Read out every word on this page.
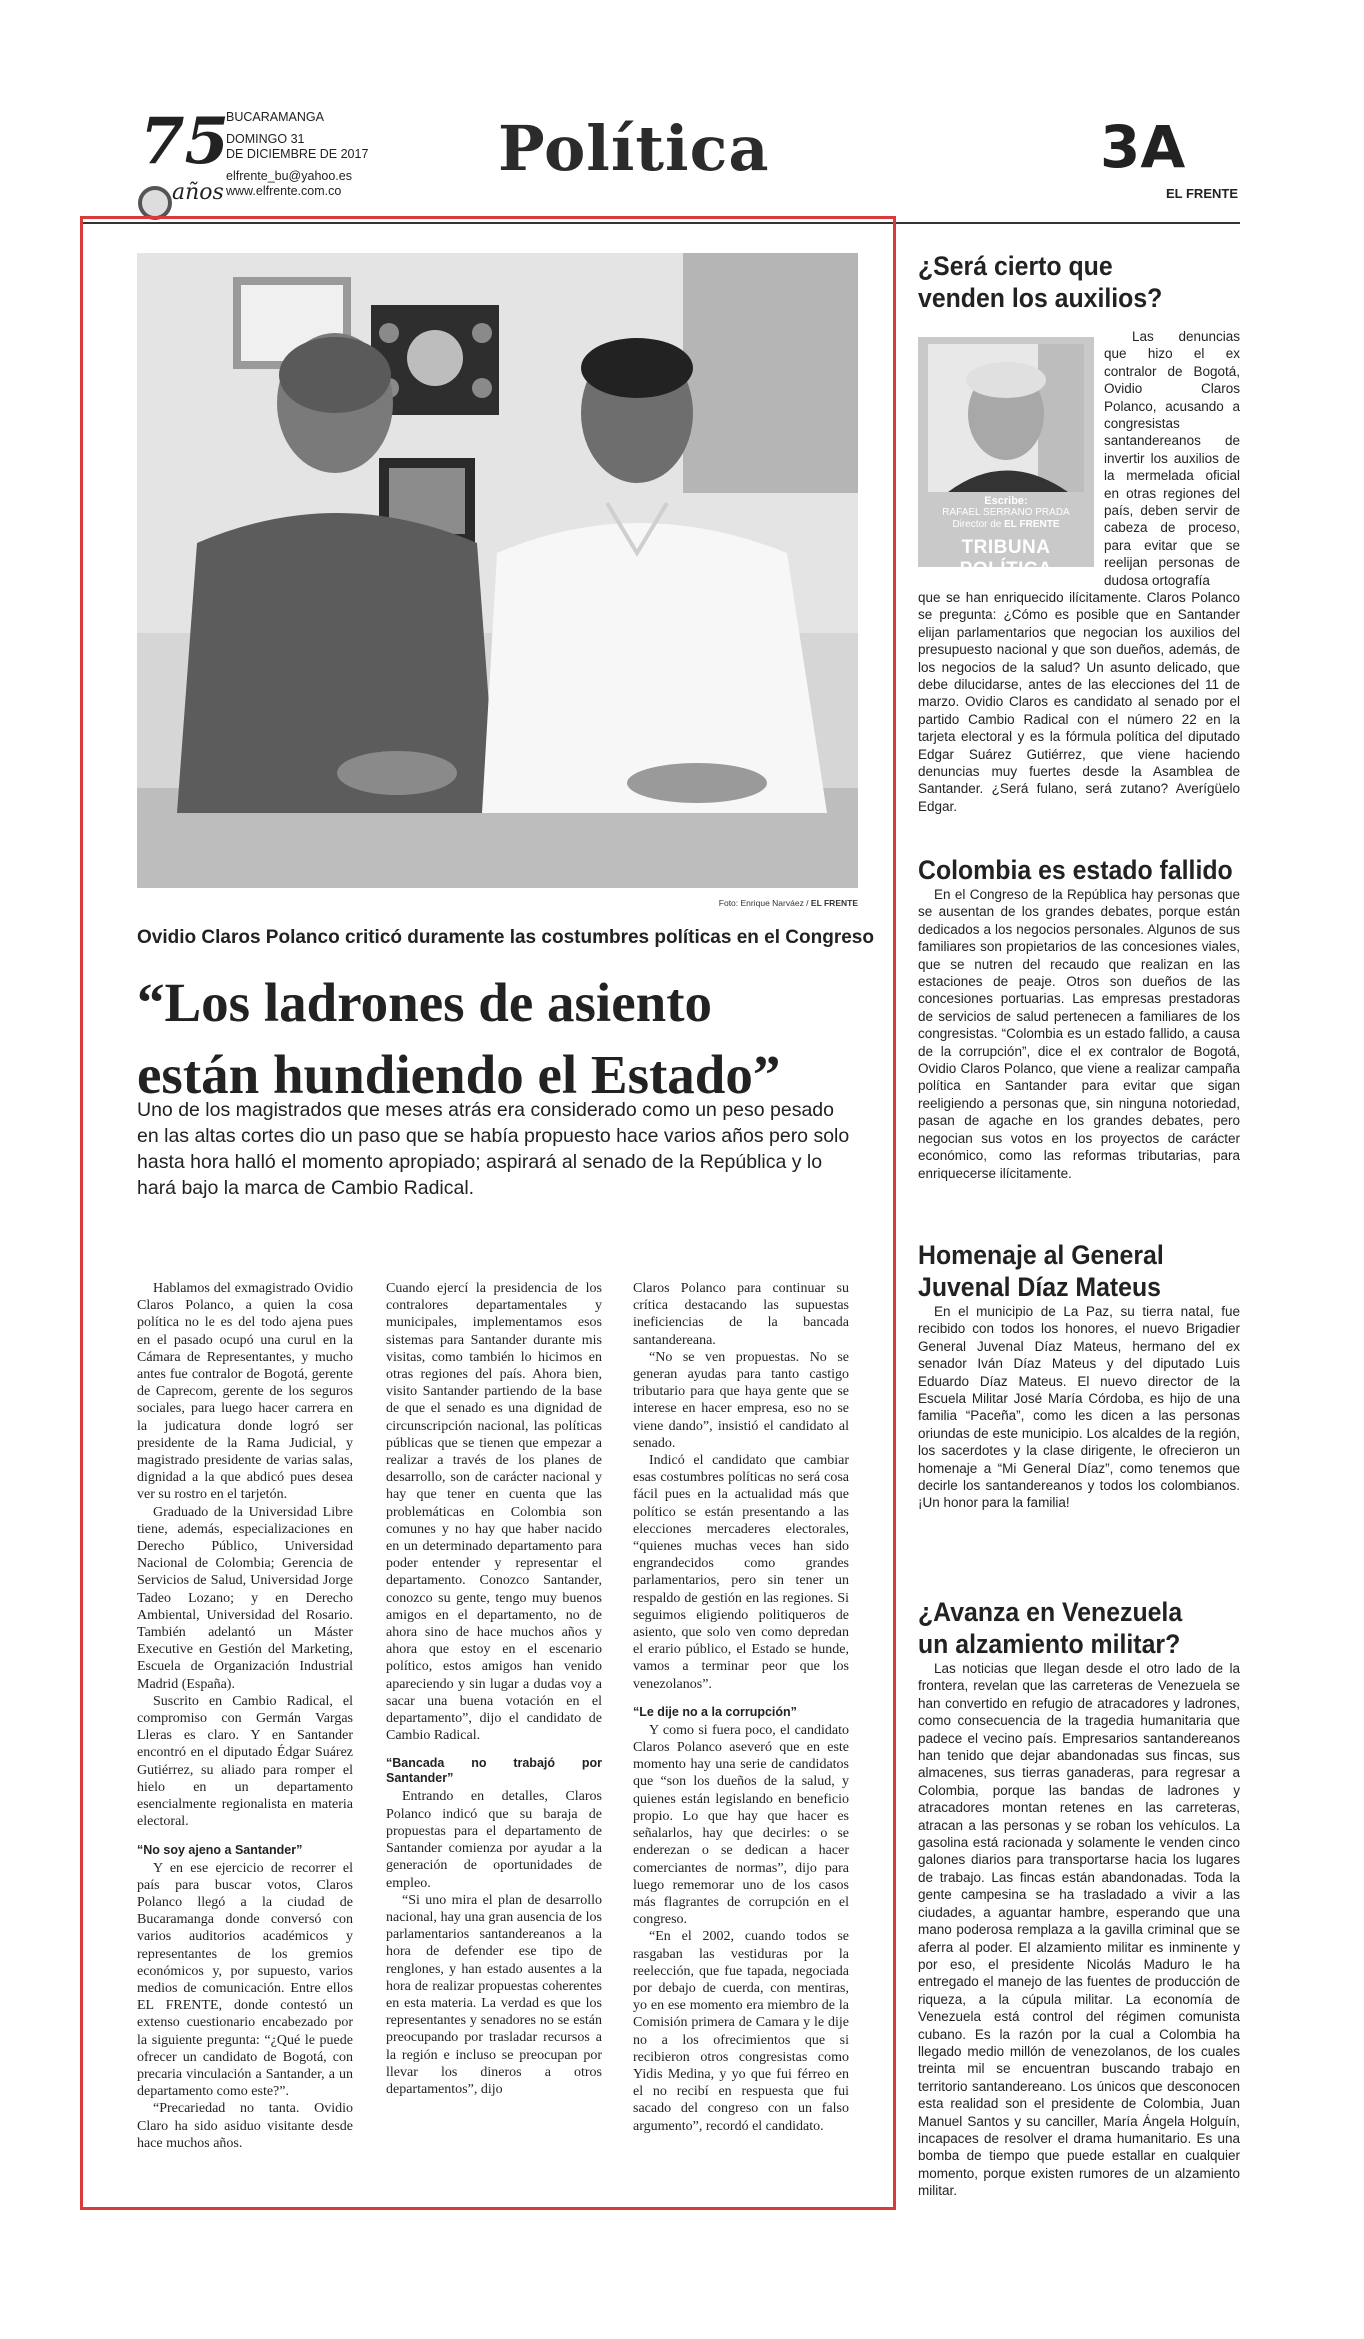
75
años
BUCARAMANGA
DOMINGO 31
DE DICIEMBRE DE 2017
elfrente_bu@yahoo.es
www.elfrente.com.co
Política	3A
EL FRENTE
Foto: Enrique Narváez / EL FRENTE
Ovidio Claros Polanco criticó duramente las costumbres políticas en el Congreso
“Los ladrones de asiento
están hundiendo el Estado”
Uno de los magistrados que meses atrás era considerado como un peso pesado en las altas cortes dio un paso que se había propuesto hace varios años pero solo hasta hora halló el momento apropiado; aspirará al senado de la República y lo hará bajo la marca de Cambio Radical.

Hablamos del exmagistrado Ovidio Claros Polanco, a quien la cosa política no le es del todo ajena pues en el pasado ocupó una curul en la Cámara de Representantes, y mucho antes fue contralor de Bogotá, gerente de Caprecom, gerente de los seguros sociales, para luego hacer carrera en la judicatura donde logró ser presidente de la Rama Judicial, y magistrado presidente de varias salas, dignidad a la que abdicó pues desea ver su rostro en el tarjetón.

Graduado de la Universidad Libre tiene, además, especializaciones en Derecho Público, Universidad Nacional de Colombia; Gerencia de Servicios de Salud, Universidad Jorge Tadeo Lozano; y en Derecho Ambiental, Universidad del Rosario. También adelantó un Máster Executive en Gestión del Marketing, Escuela de Organización Industrial Madrid (España).

Suscrito en Cambio Radical, el compromiso con Germán Vargas Lleras es claro. Y en Santander encontró en el diputado Édgar Suárez Gutiérrez, su aliado para romper el hielo en un departamento esencialmente regionalista en materia electoral.

“No soy ajeno a Santander”

Y en ese ejercicio de recorrer el país para buscar votos, Claros Polanco llegó a la ciudad de Bucaramanga donde conversó con varios auditorios académicos y representantes de los gremios económicos y, por supuesto, varios medios de comunicación. Entre ellos EL FRENTE, donde contestó un extenso cuestionario encabezado por la siguiente pregunta: “¿Qué le puede ofrecer un candidato de Bogotá, con precaria vinculación a Santander, a un departamento como este?”.

“Precariedad no tanta. Ovidio Claro ha sido asiduo visitante desde hace muchos años.

Cuando ejercí la presidencia de los contralores departamentales y municipales, implementamos esos sistemas para Santander durante mis visitas, como también lo hicimos en otras regiones del país. Ahora bien, visito Santander partiendo de la base de que el senado es una dignidad de circunscripción nacional, las políticas públicas que se tienen que empezar a realizar a través de los planes de desarrollo, son de carácter nacional y hay que tener en cuenta que las problemáticas en Colombia son comunes y no hay que haber nacido en un determinado departamento para poder entender y representar el departamento. Conozco Santander, conozco su gente, tengo muy buenos amigos en el departamento, no de ahora sino de hace muchos años y ahora que estoy en el escenario político, estos amigos han venido apareciendo y sin lugar a dudas voy a sacar una buena votación en el departamento”, dijo el candidato de Cambio Radical.

“Bancada no trabajó por Santander”

Entrando en detalles, Claros Polanco indicó que su baraja de propuestas para el departamento de Santander comienza por ayudar a la generación de oportunidades de empleo.

“Si uno mira el plan de desarrollo nacional, hay una gran ausencia de los parlamentarios santandereanos a la hora de defender ese tipo de renglones, y han estado ausentes a la hora de realizar propuestas coherentes en esta materia. La verdad es que los representantes y senadores no se están preocupando por trasladar recursos a la región e incluso se preocupan por llevar los dineros a otros departamentos”, dijo

Claros Polanco para continuar su crítica destacando las supuestas ineficiencias de la bancada santandereana.

“No se ven propuestas. No se generan ayudas para tanto castigo tributario para que haya gente que se interese en hacer empresa, eso no se viene dando”, insistió el candidato al senado.

Indicó el candidato que cambiar esas costumbres políticas no será cosa fácil pues en la actualidad más que político se están presentando a las elecciones mercaderes electorales, “quienes muchas veces han sido engrandecidos como grandes parlamentarios, pero sin tener un respaldo de gestión en las regiones. Si seguimos eligiendo politiqueros de asiento, que solo ven como depredan el erario público, el Estado se hunde, vamos a terminar peor que los venezolanos”.

“Le dije no a la corrupción”

Y como si fuera poco, el candidato Claros Polanco aseveró que en este momento hay una serie de candidatos que “son los dueños de la salud, y quienes están legislando en beneficio propio. Lo que hay que hacer es señalarlos, hay que decirles: o se enderezan o se dedican a hacer comerciantes de normas”, dijo para luego rememorar uno de los casos más flagrantes de corrupción en el congreso.

“En el 2002, cuando todos se rasgaban las vestiduras por la reelección, que fue tapada, negociada por debajo de cuerda, con mentiras, yo en ese momento era miembro de la Comisión primera de Camara y le dije no a los ofrecimientos que si recibieron otros congresistas como Yidis Medina, y yo que fui férreo en el no recibí en respuesta que fui sacado del congreso con un falso argumento”, recordó el candidato.

¿Será cierto que
venden los auxilios?
Escribe:
RAFAEL SERRANO PRADA
Director de EL FRENTE
TRIBUNA POLÍTICA

Las denuncias que hizo el ex contralor de Bogotá, Ovidio Claros Polanco, acusando a congresistas santandereanos de invertir los auxilios de la mermelada oficial en otras regiones del país, deben servir de cabeza de proceso, para evitar que se reelijan personas de dudosa ortografía

que se han enriquecido ilícitamente. Claros Polanco se pregunta: ¿Cómo es posible que en Santander elijan parlamentarios que negocian los auxilios del presupuesto nacional y que son dueños, además, de los negocios de la salud? Un asunto delicado, que debe dilucidarse, antes de las elecciones del 11 de marzo. Ovidio Claros es candidato al senado por el partido Cambio Radical con el número 22 en la tarjeta electoral y es la fórmula política del diputado Edgar Suárez Gutiérrez, que viene haciendo denuncias muy fuertes desde la Asamblea de Santander. ¿Será fulano, será zutano? Averígüelo Edgar.

Colombia es estado fallido

En el Congreso de la República hay personas que se ausentan de los grandes debates, porque están dedicados a los negocios personales. Algunos de sus familiares son propietarios de las concesiones viales, que se nutren del recaudo que realizan en las estaciones de peaje. Otros son dueños de las concesiones portuarias. Las empresas prestadoras de servicios de salud pertenecen a familiares de los congresistas. “Colombia es un estado fallido, a causa de la corrupción”, dice el ex contralor de Bogotá, Ovidio Claros Polanco, que viene a realizar campaña política en Santander para evitar que sigan reeligiendo a personas que, sin ninguna notoriedad, pasan de agache en los grandes debates, pero negocian sus votos en los proyectos de carácter económico, como las reformas tributarias, para enriquecerse ilícitamente.

Homenaje al General
Juvenal Díaz Mateus

En el municipio de La Paz, su tierra natal, fue recibido con todos los honores, el nuevo Brigadier General Juvenal Díaz Mateus, hermano del ex senador Iván Díaz Mateus y del diputado Luis Eduardo Díaz Mateus. El nuevo director de la Escuela Militar José María Córdoba, es hijo de una familia “Paceña”, como les dicen a las personas oriundas de este municipio. Los alcaldes de la región, los sacerdotes y la clase dirigente, le ofrecieron un homenaje a “Mi General Díaz”, como tenemos que decirle los santandereanos y todos los colombianos. ¡Un honor para la familia!

¿Avanza en Venezuela
un alzamiento militar?

Las noticias que llegan desde el otro lado de la frontera, revelan que las carreteras de Venezuela se han convertido en refugio de atracadores y ladrones, como consecuencia de la tragedia humanitaria que padece el vecino país. Empresarios santandereanos han tenido que dejar abandonadas sus fincas, sus almacenes, sus tierras ganaderas, para regresar a Colombia, porque las bandas de ladrones y atracadores montan retenes en las carreteras, atracan a las personas y se roban los vehículos. La gasolina está racionada y solamente le venden cinco galones diarios para transportarse hacia los lugares de trabajo. Las fincas están abandonadas. Toda la gente campesina se ha trasladado a vivir a las ciudades, a aguantar hambre, esperando que una mano poderosa remplaza a la gavilla criminal que se aferra al poder. El alzamiento militar es inminente y por eso, el presidente Nicolás Maduro le ha entregado el manejo de las fuentes de producción de riqueza, a la cúpula militar. La economía de Venezuela está control del régimen comunista cubano. Es la razón por la cual a Colombia ha llegado medio millón de venezolanos, de los cuales treinta mil se encuentran buscando trabajo en territorio santandereano. Los únicos que desconocen esta realidad son el presidente de Colombia, Juan Manuel Santos y su canciller, María Ángela Holguín, incapaces de resolver el drama humanitario. Es una bomba de tiempo que puede estallar en cualquier momento, porque existen rumores de un alzamiento militar.
